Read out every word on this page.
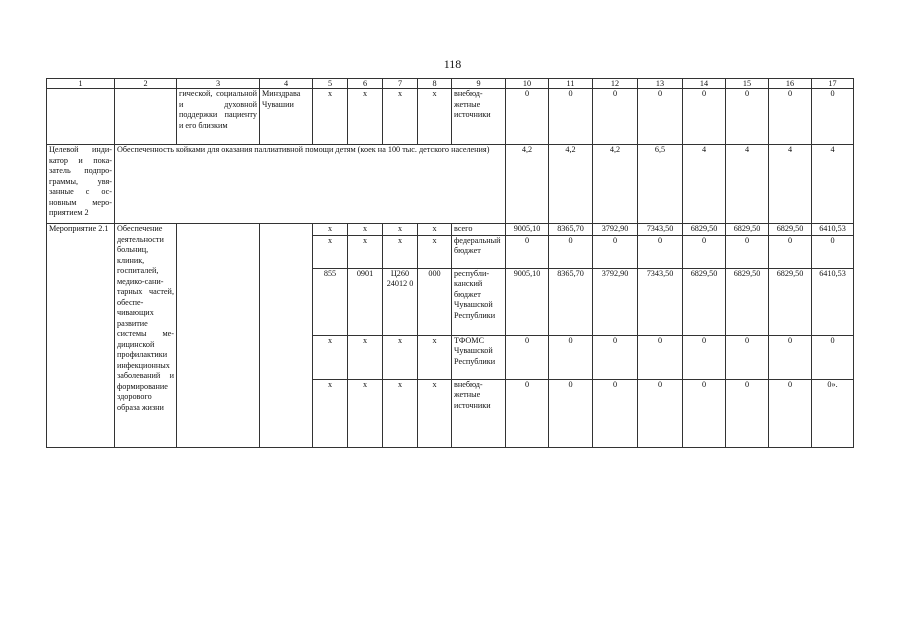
118
1	2	3	4	5	6	7	8	9	10	11	12	13	14	15	16	17
		гической, социальной и духовной поддержки пациенту и его близким	Минздрава Чувашии	х	х	х	х	внебюджетные источники	0	0	0	0	0	0	0	0
Целевой индикатор и показатель подпрограммы, увязанные с основным мероприятием 2	Обеспеченность койками для оказания паллиативной помощи детям (коек на 100 тыс. детского населения)								4,2	4,2	4,2	6,5	4	4	4	4
Мероприятие 2.1	Обеспечение деятельности больниц, клиник, госпиталей, медико-санитарных частей, обеспечивающих развитие системы медицинской профилактики инфекционных заболеваний и формирование здорового образа жизни			х	х	х	х	всего	9005,10	8365,70	3792,90	7343,50	6829,50	6829,50	6829,50	6410,53
				х	х	х	х	федеральный бюджет	0	0	0	0	0	0	0	0
				855	0901	Ц260 24012 0	000	республиканский бюджет Чувашской Республики	9005,10	8365,70	3792,90	7343,50	6829,50	6829,50	6829,50	6410,53
				х	х	х	х	ТФОМС Чувашской Республики	0	0	0	0	0	0	0	0
				х	х	х	х	внебюджетные источники	0	0	0	0	0	0	0	0».
